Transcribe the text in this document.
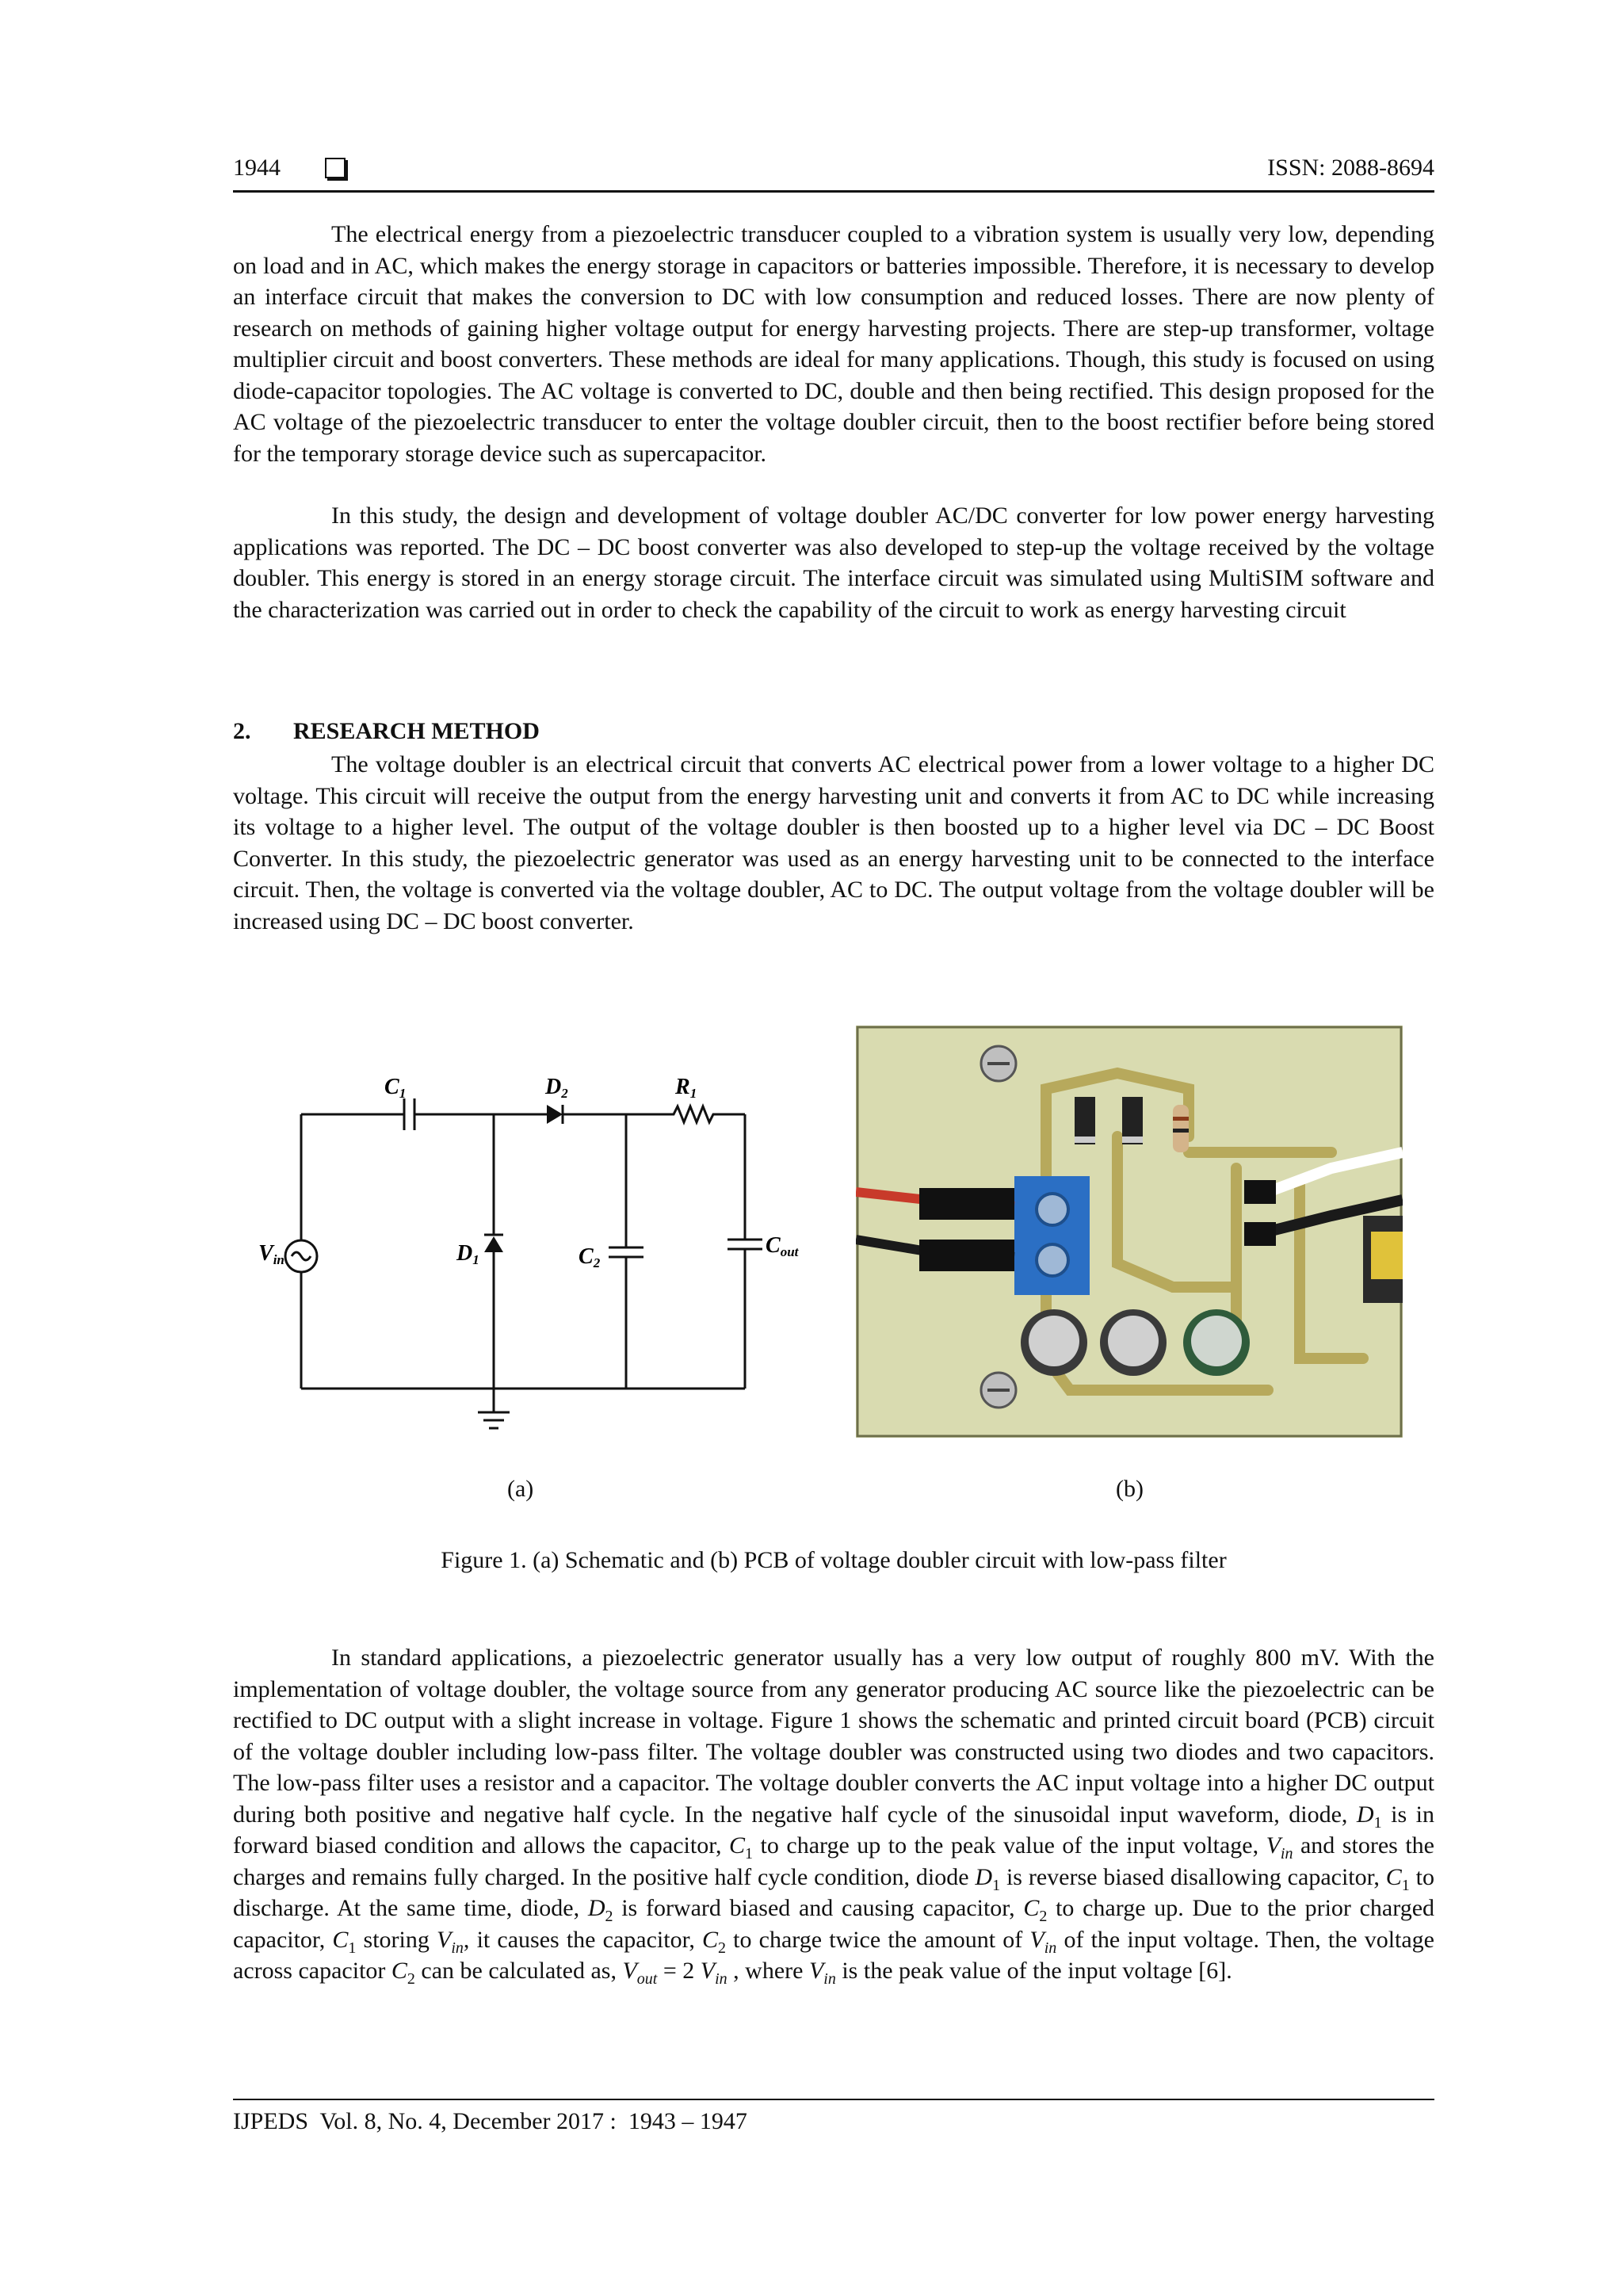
1944	ISSN: 2088-8694

The electrical energy from a piezoelectric transducer coupled to a vibration system is usually very low, depending on load and in AC, which makes the energy storage in capacitors or batteries impossible. Therefore, it is necessary to develop an interface circuit that makes the conversion to DC with low consumption and reduced losses. There are now plenty of research on methods of gaining higher voltage output for energy harvesting projects. There are step-up transformer, voltage multiplier circuit and boost converters. These methods are ideal for many applications. Though, this study is focused on using diode-capacitor topologies. The AC voltage is converted to DC, double and then being rectified. This design proposed for the AC voltage of the piezoelectric transducer to enter the voltage doubler circuit, then to the boost rectifier before being stored for the temporary storage device such as supercapacitor.

In this study, the design and development of voltage doubler AC/DC converter for low power energy harvesting applications was reported. The DC – DC boost converter was also developed to step-up the voltage received by the voltage doubler. This energy is stored in an energy storage circuit. The interface circuit was simulated using MultiSIM software and the characterization was carried out in order to check the capability of the circuit to work as energy harvesting circuit

2. RESEARCH METHOD

The voltage doubler is an electrical circuit that converts AC electrical power from a lower voltage to a higher DC voltage. This circuit will receive the output from the energy harvesting unit and converts it from AC to DC while increasing its voltage to a higher level. The output of the voltage doubler is then boosted up to a higher level via DC – DC Boost Converter. In this study, the piezoelectric generator was used as an energy harvesting unit to be connected to the interface circuit. Then, the voltage is converted via the voltage doubler, AC to DC. The output voltage from the voltage doubler will be increased using DC – DC boost converter.

C1	D2	R1
Vin	D1	C2
Cout
(a)	(b)
Figure 1. (a) Schematic and (b) PCB of voltage doubler circuit with low-pass filter

In standard applications, a piezoelectric generator usually has a very low output of roughly 800 mV. With the implementation of voltage doubler, the voltage source from any generator producing AC source like the piezoelectric can be rectified to DC output with a slight increase in voltage. Figure 1 shows the schematic and printed circuit board (PCB) circuit of the voltage doubler including low-pass filter. The voltage doubler was constructed using two diodes and two capacitors. The low-pass filter uses a resistor and a capacitor. The voltage doubler converts the AC input voltage into a higher DC output during both positive and negative half cycle. In the negative half cycle of the sinusoidal input waveform, diode, $D_1$ is in forward biased condition and allows the capacitor, $C_1$ to charge up to the peak value of the input voltage, $V_{in}$ and stores the charges and remains fully charged. In the positive half cycle condition, diode $D_1$ is reverse biased disallowing capacitor, $C_1$ to discharge. At the same time, diode, $D_2$ is forward biased and causing capacitor, $C_2$ to charge up. Due to the prior charged capacitor, $C_1$ storing $V_{in}$, it causes the capacitor, $C_2$ to charge twice the amount of $V_{in}$ of the input voltage. Then, the voltage across capacitor $C_2$ can be calculated as, $V_{out} = 2$ $V_{in}$ , where $V_{in}$ is the peak value of the input voltage [6].

IJPEDS  Vol. 8, No. 4, December 2017 :  1943 – 1947
